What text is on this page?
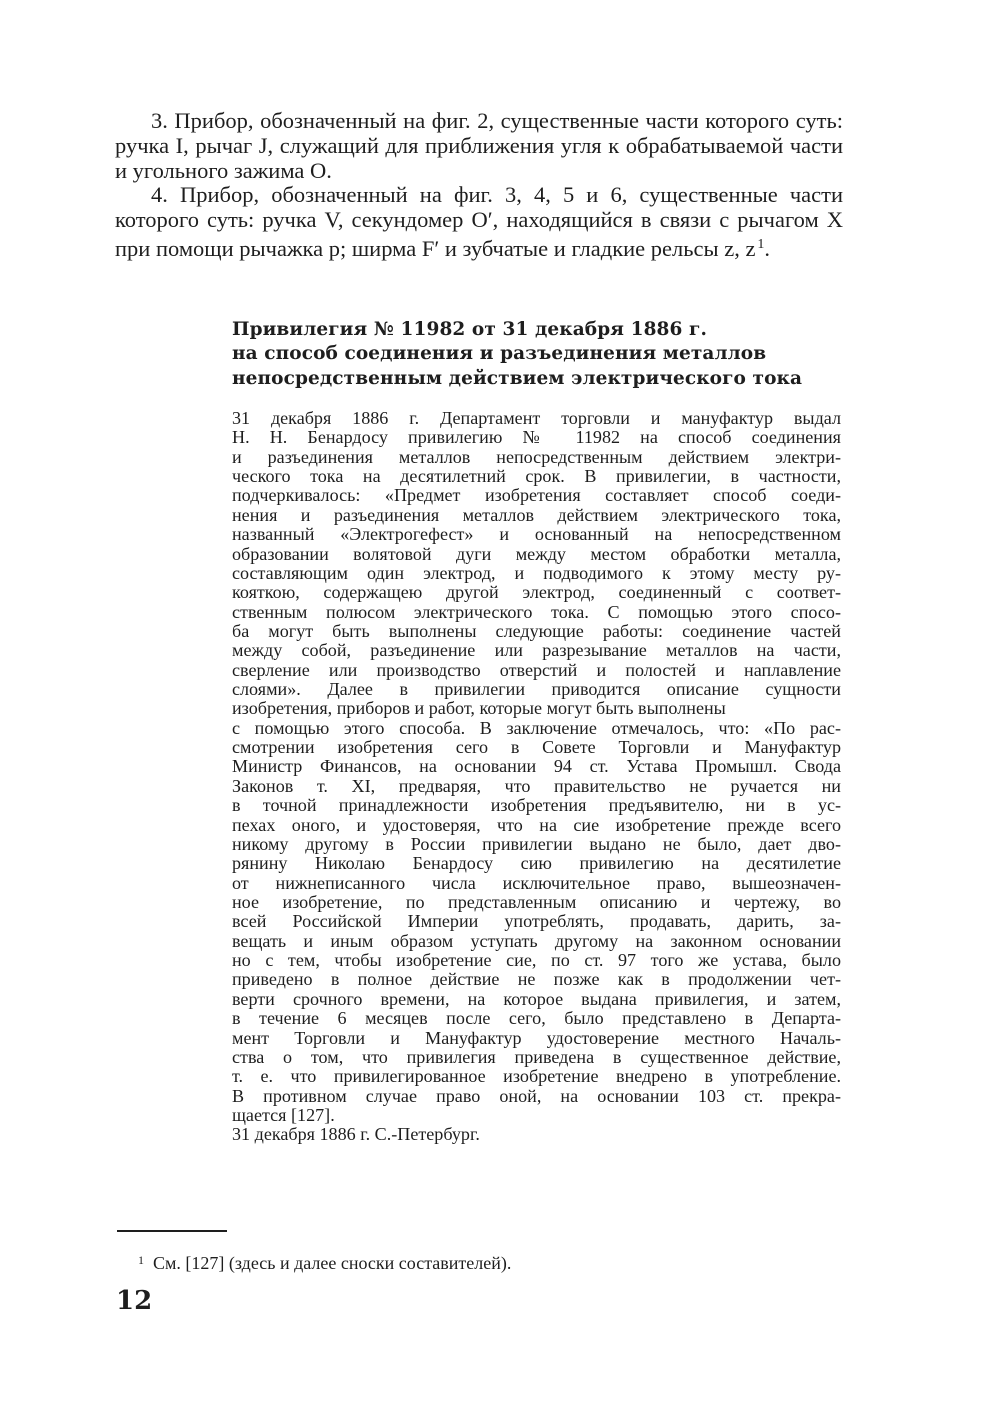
3. Прибор, обозначенный на фиг. 2, существенные части которого суть: ручка I, рычаг J, служащий для приближения угля к обрабатываемой части и угольного зажима O.

4. Прибор, обозначенный на фиг. 3, 4, 5 и 6, существенные части которого суть: ручка V, секундомер O′, находящийся в связи с рычагом X при помощи рычажка p; ширма F′ и зубчатые и гладкие рельсы z, z  $^1$.

Привилегия № 11982 от 31 декабря 1886 г.
на способ соединения и разъединения металлов
непосредственным действием электрического тока
31 декабря 1886 г. Департамент торговли и мануфактур выдал
Н. Н. Бенардосу привилегию № 11982 на способ соединения
и разъединения металлов непосредственным действием электри-
ческого тока на десятилетний срок. В привилегии, в частности,
подчеркивалось: «Предмет изобретения составляет способ соеди-
нения и разъединения металлов действием электрического тока,
названный «Электрогефест» и основанный на непосредственном
образовании волятовой дуги между местом обработки металла,
составляющим один электрод, и подводимого к этому месту ру-
кояткою, содержащею другой электрод, соединенный с соответ-
ственным полюсом электрического тока. С помощью этого спосо-
ба могут быть выполнены следующие работы: соединение частей
между собой, разъединение или разрезывание металлов на части,
сверление или производство отверстий и полостей и наплавление
слоями». Далее в привилегии приводится описание сущности
изобретения, приборов и работ, которые могут быть выполнены
с помощью этого способа. В заключение отмечалось, что: «По рас-
смотрении изобретения сего в Совете Торговли и Мануфактур
Министр Финансов, на основании 94 ст. Устава Промышл. Свода
Законов т. XI, предваряя, что правительство не ручается ни
в точной принадлежности изобретения предъявителю, ни в ус-
пехах оного, и удостоверяя, что на сие изобретение прежде всего
никому другому в России привилегии выдано не было, дает дво-
рянину Николаю Бенардосу сию привилегию на десятилетие
от нижнеписанного числа исключительное право, вышеозначен-
ное изобретение, по представленным описанию и чертежу, во
всей Российской Империи употреблять, продавать, дарить, за-
вещать и иным образом уступать другому на законном основании
но с тем, чтобы изобретение сие, по ст. 97 того же устава, было
приведено в полное действие не позже как в продолжении чет-
верти срочного времени, на которое выдана привилегия, и затем,
в течение 6 месяцев после сего, было представлено в Департа-
мент Торговли и Мануфактур удостоверение местного Началь-
ства о том, что привилегия приведена в существенное действие,
т. е. что привилегированное изобретение внедрено в употребление.
В противном случае право оной, на основании 103 ст. прекра-
щается [127].
31 декабря 1886 г. С.-Петербург.
$^1$ См. [127] (здесь и далее сноски составителей).
12
